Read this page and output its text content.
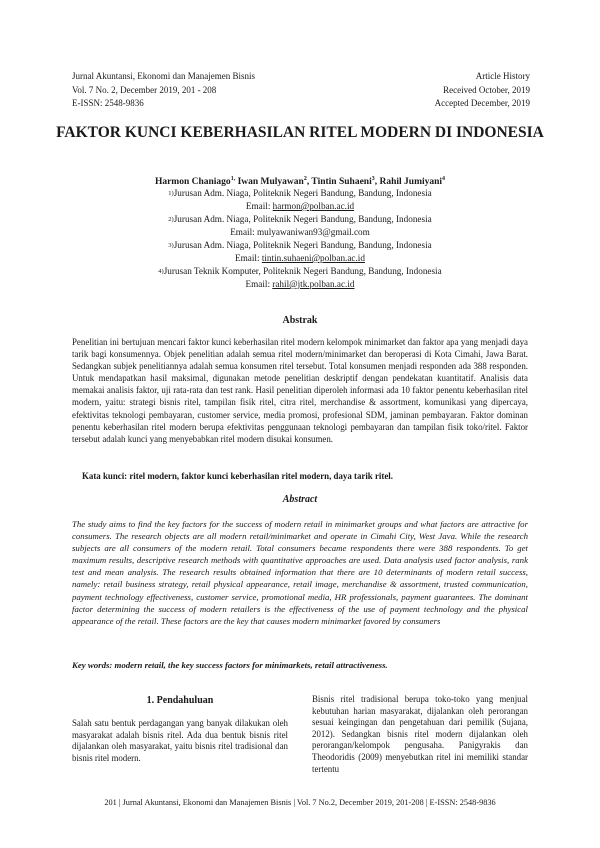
Jurnal Akuntansi, Ekonomi dan Manajemen Bisnis
Vol. 7 No. 2, December 2019, 201 - 208
E-ISSN: 2548-9836
Article History
Received October, 2019
Accepted December, 2019
FAKTOR KUNCI KEBERHASILAN RITEL MODERN DI INDONESIA
Harmon Chaniago$^{1,}$ Iwan Mulyawan$^2$, Tintin Suhaeni$^3$, Rahil Jumiyani$^4$
1)Jurusan Adm. Niaga, Politeknik Negeri Bandung, Bandung, Indonesia
Email: harmon@polban.ac.id
2)Jurusan Adm. Niaga, Politeknik Negeri Bandung, Bandung, Indonesia
Email: mulyawaniwan93@gmail.com
3)Jurusan Adm. Niaga, Politeknik Negeri Bandung, Bandung, Indonesia
Email: tintin.suhaeni@polban.ac.id
4)Jurusan Teknik Komputer, Politeknik Negeri Bandung, Bandung, Indonesia
Email: rahil@jtk.polban.ac.id
Abstrak
Penelitian ini bertujuan mencari faktor kunci keberhasilan ritel modern kelompok minimarket dan faktor apa yang menjadi daya tarik bagi konsumennya. Objek penelitian adalah semua ritel modern/minimarket dan beroperasi di Kota Cimahi, Jawa Barat. Sedangkan subjek penelitiannya adalah semua konsumen ritel tersebut. Total konsumen menjadi responden ada 388 responden. Untuk mendapatkan hasil maksimal, digunakan metode penelitian deskriptif dengan pendekatan kuantitatif. Analisis data memakai analisis faktor, uji rata-rata dan test rank. Hasil penelitian diperoleh informasi ada 10 faktor penentu keberhasilan ritel modern, yaitu: strategi bisnis ritel, tampilan fisik ritel, citra ritel, merchandise & assortment, komunikasi yang dipercaya, efektivitas teknologi pembayaran, customer service, media promosi, profesional SDM, jaminan pembayaran. Faktor dominan penentu keberhasilan ritel modern berupa efektivitas penggunaan teknologi pembayaran dan tampilan fisik toko/ritel. Faktor tersebut adalah kunci yang menyebabkan ritel modern disukai konsumen.
Kata kunci: ritel modern, faktor kunci keberhasilan ritel modern, daya tarik ritel.
Abstract
The study aims to find the key factors for the success of modern retail in minimarket groups and what factors are attractive for consumers. The research objects are all modern retail/minimarket and operate in Cimahi City, West Java. While the research subjects are all consumers of the modern retail. Total consumers became respondents there were 388 respondents. To get maximum results, descriptive research methods with quantitative approaches are used. Data analysis used factor analysis, rank test and mean analysis. The research results obtained information that there are 10 determinants of modern retail success, namely: retail business strategy, retail physical appearance, retail image, merchandise & assortment, trusted communication, payment technology effectiveness, customer service, promotional media, HR professionals, payment guarantees. The dominant factor determining the success of modern retailers is the effectiveness of the use of payment technology and the physical appearance of the retail. These factors are the key that causes modern minimarket favored by consumers
Key words: modern retail, the key success factors for minimarkets, retail attractiveness.
1. Pendahuluan
Salah satu bentuk perdagangan yang banyak dilakukan oleh masyarakat adalah bisnis ritel. Ada dua bentuk bisnis ritel dijalankan oleh masyarakat, yaitu bisnis ritel tradisional dan bisnis ritel modern.
Bisnis ritel tradisional berupa toko-toko yang menjual kebutuhan harian masyarakat, dijalankan oleh perorangan sesuai keingingan dan pengetahuan dari pemilik (Sujana, 2012). Sedangkan bisnis ritel modern dijalankan oleh perorangan/kelompok pengusaha. Panigyrakis dan Theodoridis (2009) menyebutkan ritel ini memiliki standar tertentu
201 | Jurnal Akuntansi, Ekonomi dan Manajemen Bisnis | Vol. 7 No.2, December 2019, 201-208 | E-ISSN: 2548-9836
